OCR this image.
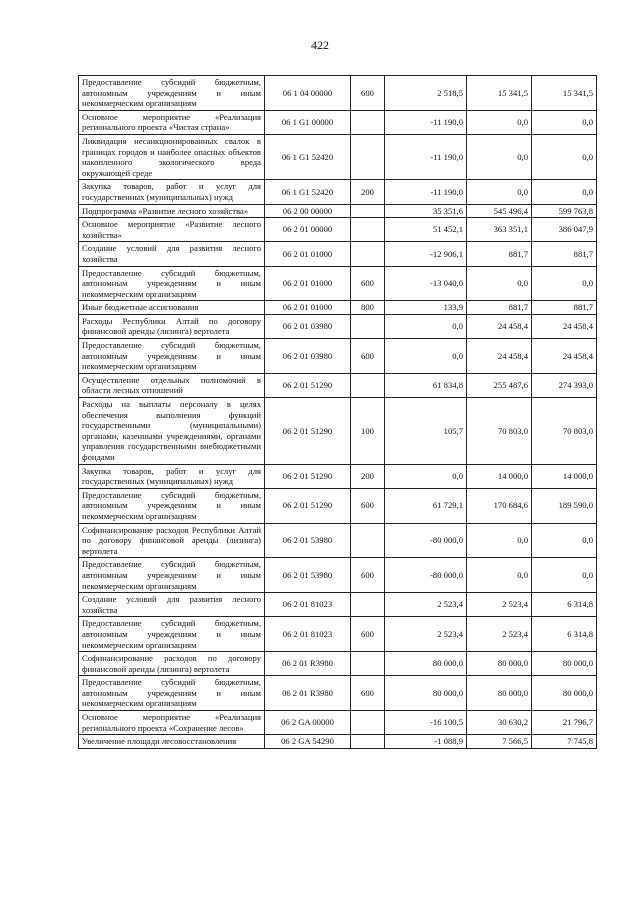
422
Предоставление субсидий бюджетным, автономным учреждениям и иным некоммерческим организациям	06 1 04 00000	600	2 518,5	15 341,5	15 341,5
Основное мероприятие «Реализация регионального проекта «Чистая страна»	06 1 G1 00000		-11 190,0	0,0	0,0
Ликвидация несанкционированных свалок в границах городов и наиболее опасных объектов накопленного экологического вреда окружающей среде	06 1 G1 52420		-11 190,0	0,0	0,0
Закупка товаров, работ и услуг для государственных (муниципальных) нужд	06 1 G1 52420	200	-11 190,0	0,0	0,0
Подпрограмма «Развитие лесного хозяйства»	06 2 00 00000		35 351,6	545 496,4	599 763,8
Основное мероприятие «Развитие лесного хозяйства»	06 2 01 00000		51 452,1	363 351,1	386 047,9
Создание условий для развития лесного хозяйства	06 2 01 01000		-12 906,1	881,7	881,7
Предоставление субсидий бюджетным, автономным учреждениям и иным некоммерческим организациям	06 2 01 01000	600	-13 040,0	0,0	0,0
Иные бюджетные ассигнования	06 2 01 01000	800	133,9	881,7	881,7
Расходы Республики Алтай по договору финансовой аренды (лизинга) вертолета	06 2 01 03980		0,0	24 458,4	24 458,4
Предоставление субсидий бюджетным, автономным учреждениям и иным некоммерческим организациям	06 2 01 03980	600	0,0	24 458,4	24 458,4
Осуществление отдельных полномочий в области лесных отношений	06 2 01 51290		61 834,8	255 487,6	274 393,0
Расходы на выплаты персоналу в целях обеспечения выполнения функций государственными (муниципальными) органами, казенными учреждениями, органами управления государственными внебюджетными фондами	06 2 01 51290	100	105,7	70 803,0	70 803,0
Закупка товаров, работ и услуг для государственных (муниципальных) нужд	06 2 01 51290	200	0,0	14 000,0	14 000,0
Предоставление субсидий бюджетным, автономным учреждениям и иным некоммерческим организациям	06 2 01 51290	600	61 729,1	170 684,6	189 590,0
Софинансирование расходов Республики Алтай по договору финансовой аренды (лизинга) вертолета	06 2 01 53980		-80 000,0	0,0	0,0
Предоставление субсидий бюджетным, автономным учреждениям и иным некоммерческим организациям	06 2 01 53980	600	-80 000,0	0,0	0,0
Создание условий для развития лесного хозяйства	06 2 01 81023		2 523,4	2 523,4	6 314,8
Предоставление субсидий бюджетным, автономным учреждениям и иным некоммерческим организациям	06 2 01 81023	600	2 523,4	2 523,4	6 314,8
Софинансирование расходов по договору финансовой аренды (лизинга) вертолета	06 2 01 R3980		80 000,0	80 000,0	80 000,0
Предоставление субсидий бюджетным, автономным учреждениям и иным некоммерческим организациям	06 2 01 R3980	600	80 000,0	80 000,0	80 000,0
Основное мероприятие «Реализация регионального проекта «Сохранение лесов»	06 2 GA 00000		-16 100,5	30 630,2	21 796,7
Увеличение площади лесовосстановления	06 2 GA 54290		-1 088,9	7 566,5	7 745,8
